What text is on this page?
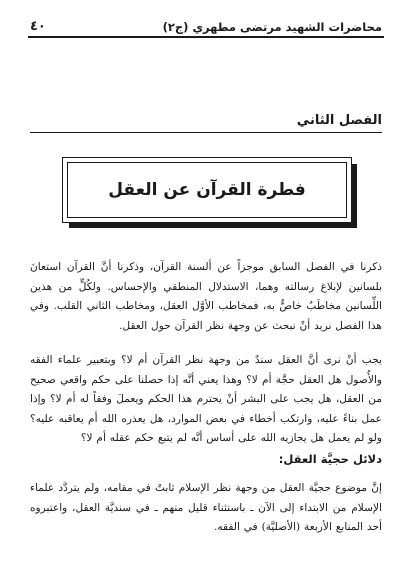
محاضرات الشهيد مرتضى مطهري (ج٢)
٤٠
الفصل الثاني
فطرة القرآن عن العقل

ذكرنا في الفصل السابق موجزاً عن ألسنة القرآن، وذكرنا أنَّ القرآن استعانَ بلسانين لإبلاغ رسالته وهما، الاستدلال المنطقي والإحساس. ولكُلٍّ من هذين اللِّسانين مخاطَبٌ خاصٌّ به، فمخاطب الأوَّل العقل، ومخاطب الثاني القلب. وفي هذا الفصل نريد أنْ نبحث عن وجهة نظر القرآن حول العقل.

يجب أنْ نرى أنَّ العقل سندٌ من وجهة نظر القرآن أم لا؟ وبتعبير علماء الفقه والأُصول هل العقل حجَّة أم لا؟ وهذا يعني أنَّه إذا حصلنا على حكم واقعي صحيح من العقل، هل يجب على البشر أنْ يحترم هذا الحكم ويعملَ وفقاً له أم لا؟ وإذا عمل بناءً عليه، وارتكب أخطاء في بعض الموارد، هل يعذره الله أم يعاقبه عليه؟ ولو لم يعمل هل يجازيه الله على أساس أنَّه لم يتبع حكم عقله أم لا؟

دلائل حجيَّة العقل:

إنَّ موضوع حجيَّة العقل من وجهة نظر الإسلام ثابتٌ في مقامه، ولم يتردَّد علماء الإسلام من الابتداء إلى الآن ـ باستثناء قليل منهم ـ في سنديَّة العقل، واعتبروه أحد المنابع الأربعة (الأصليَّة) في الفقه.
